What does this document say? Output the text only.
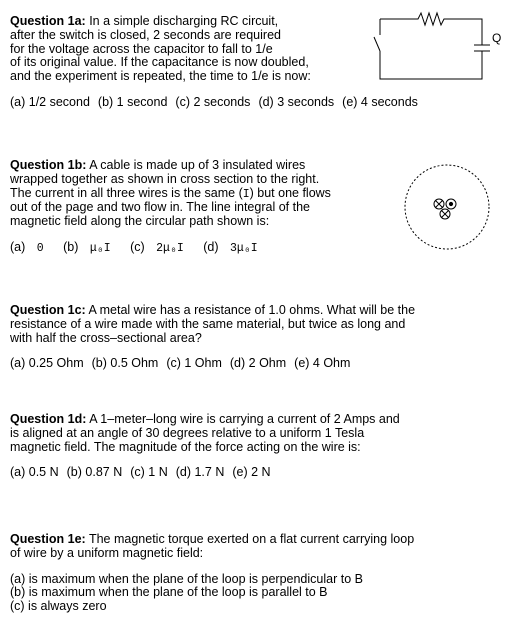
Question 1a: In a simple discharging RC circuit,
after the switch is closed, 2 seconds are required
for the voltage across the capacitor to fall to 1/e
of its original value. If the capacitance is now doubled,
and the experiment is repeated, the time to 1/e is now:
(a) 1/2 second (b) 1 second (c) 2 seconds (d) 3 seconds (e) 4 seconds
Q
Question 1b: A cable is made up of 3 insulated wires
wrapped together as shown in cross section to the right.
The current in all three wires is the same (I) but one flows
out of the page and two flow in. The line integral of the
magnetic field along the circular path shown is:
(a) 0 (b) μ₀I (c) 2μ₀I (d) 3μ₀I
Question 1c: A metal wire has a resistance of 1.0 ohms. What will be the
resistance of a wire made with the same material, but twice as long and
with half the cross–sectional area?
(a) 0.25 Ohm (b) 0.5 Ohm (c) 1 Ohm (d) 2 Ohm (e) 4 Ohm
Question 1d: A 1–meter–long wire is carrying a current of 2 Amps and
is aligned at an angle of 30 degrees relative to a uniform 1 Tesla
magnetic field. The magnitude of the force acting on the wire is:
(a) 0.5 N (b) 0.87 N (c) 1 N (d) 1.7 N (e) 2 N
Question 1e: The magnetic torque exerted on a flat current carrying loop
of wire by a uniform magnetic field:
(a) is maximum when the plane of the loop is perpendicular to B
(b) is maximum when the plane of the loop is parallel to B
(c) is always zero
